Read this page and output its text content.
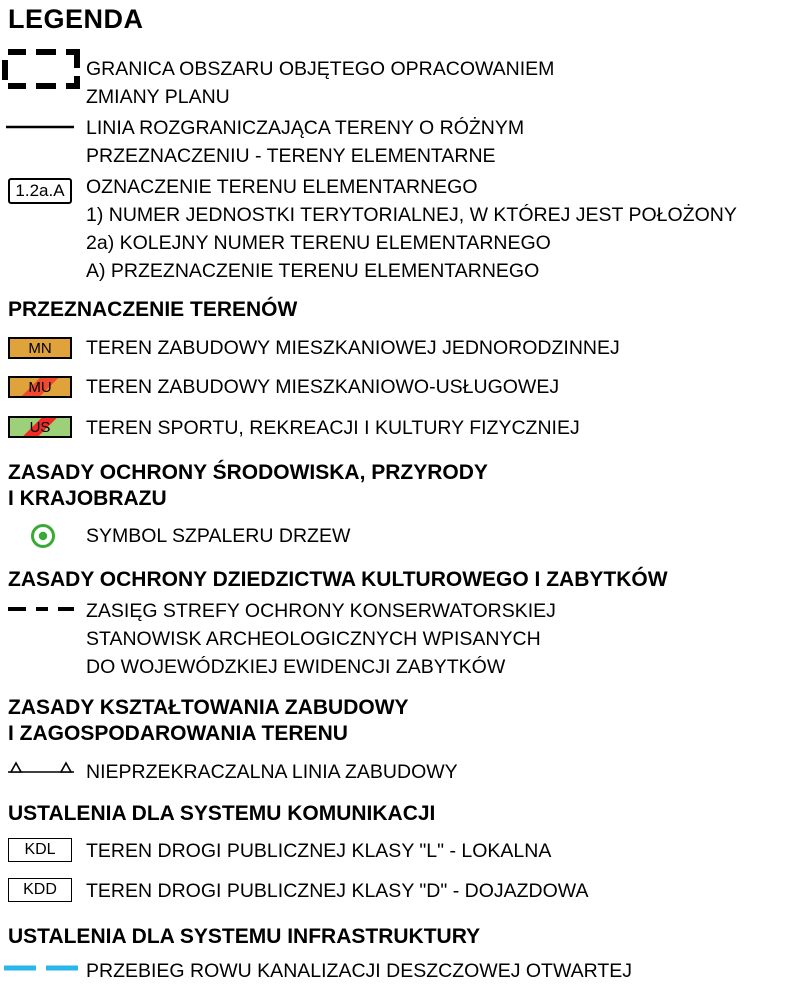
LEGENDA
GRANICA OBSZARU OBJĘTEGO OPRACOWANIEM
ZMIANY PLANU
LINIA ROZGRANICZAJĄCA TERENY O RÓŻNYM
PRZEZNACZENIU - TERENY ELEMENTARNE
1.2a.A	OZNACZENIE TERENU ELEMENTARNEGO
1) NUMER JEDNOSTKI TERYTORIALNEJ, W KTÓREJ JEST POŁOŻONY
2a) KOLEJNY NUMER TERENU ELEMENTARNEGO
A) PRZEZNACZENIE TERENU ELEMENTARNEGO
PRZEZNACZENIE TERENÓW
MN TEREN ZABUDOWY MIESZKANIOWEJ JEDNORODZINNEJ
MU TEREN ZABUDOWY MIESZKANIOWO-USŁUGOWEJ
US TEREN SPORTU, REKREACJI I KULTURY FIZYCZNIEJ
ZASADY OCHRONY ŚRODOWISKA, PRZYRODY
I KRAJOBRAZU
SYMBOL SZPALERU DRZEW
ZASADY OCHRONY DZIEDZICTWA KULTUROWEGO I ZABYTKÓW
ZASIĘG STREFY OCHRONY KONSERWATORSKIEJ
STANOWISK ARCHEOLOGICZNYCH WPISANYCH
DO WOJEWÓDZKIEJ EWIDENCJI ZABYTKÓW
ZASADY KSZTAŁTOWANIA ZABUDOWY
I ZAGOSPODAROWANIA TERENU
NIEPRZEKRACZALNA LINIA ZABUDOWY
USTALENIA DLA SYSTEMU KOMUNIKACJI
KDL	TEREN DROGI PUBLICZNEJ KLASY "L" - LOKALNA
KDD	TEREN DROGI PUBLICZNEJ KLASY "D" - DOJAZDOWA
USTALENIA DLA SYSTEMU INFRASTRUKTURY
PRZEBIEG ROWU KANALIZACJI DESZCZOWEJ OTWARTEJ
